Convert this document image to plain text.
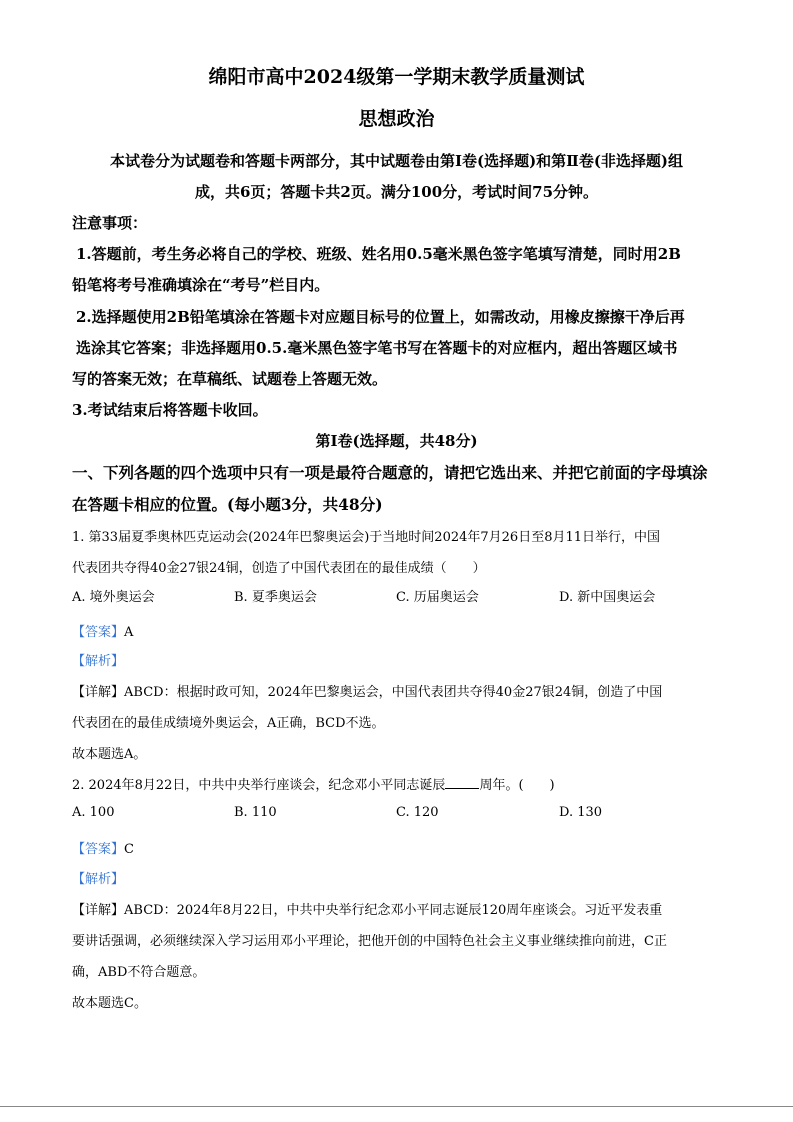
绵阳市高中2024级第一学期末教学质量测试
思想政治
本试卷分为试题卷和答题卡两部分，其中试题卷由第Ⅰ卷(选择题)和第Ⅱ卷(非选择题)组
成，共6页；答题卡共2页。满分100分，考试时间75分钟。
注意事项：
1.答题前，考生务必将自己的学校、班级、姓名用0.5毫米黑色签字笔填写清楚，同时用2B
铅笔将考号准确填涂在“考号”栏目内。
2.选择题使用2B铅笔填涂在答题卡对应题目标号的位置上，如需改动，用橡皮擦擦干净后再
选涂其它答案；非选择题用0.5.毫米黑色签字笔书写在答题卡的对应框内，超出答题区域书
写的答案无效；在草稿纸、试题卷上答题无效。
3.考试结束后将答题卡收回。
第Ⅰ卷(选择题，共48分)
一、下列各题的四个选项中只有一项是最符合题意的，请把它选出来、并把它前面的字母填涂
在答题卡相应的位置。(每小题3分，共48分)
1. 第33届夏季奥林匹克运动会(2024年巴黎奥运会)于当地时间2024年7月26日至8月11日举行，中国
代表团共夺得40金27银24铜，创造了中国代表团在的最佳成绩（　　）
A. 境外奥运会	B. 夏季奥运会	C. 历届奥运会	D. 新中国奥运会
【答案】A
【解析】
【详解】ABCD：根据时政可知，2024年巴黎奥运会，中国代表团共夺得40金27银24铜，创造了中国
代表团在的最佳成绩境外奥运会，A正确，BCD不选。
故本题选A。
2. 2024年8月22日，中共中央举行座谈会，纪念邓小平同志诞辰	周年。(　　)
A. 100	B. 110	C. 120	D. 130
【答案】C
【解析】
【详解】ABCD：2024年8月22日，中共中央举行纪念邓小平同志诞辰120周年座谈会。习近平发表重
要讲话强调，必须继续深入学习运用邓小平理论，把他开创的中国特色社会主义事业继续推向前进，C正
确，ABD不符合题意。
故本题选C。
